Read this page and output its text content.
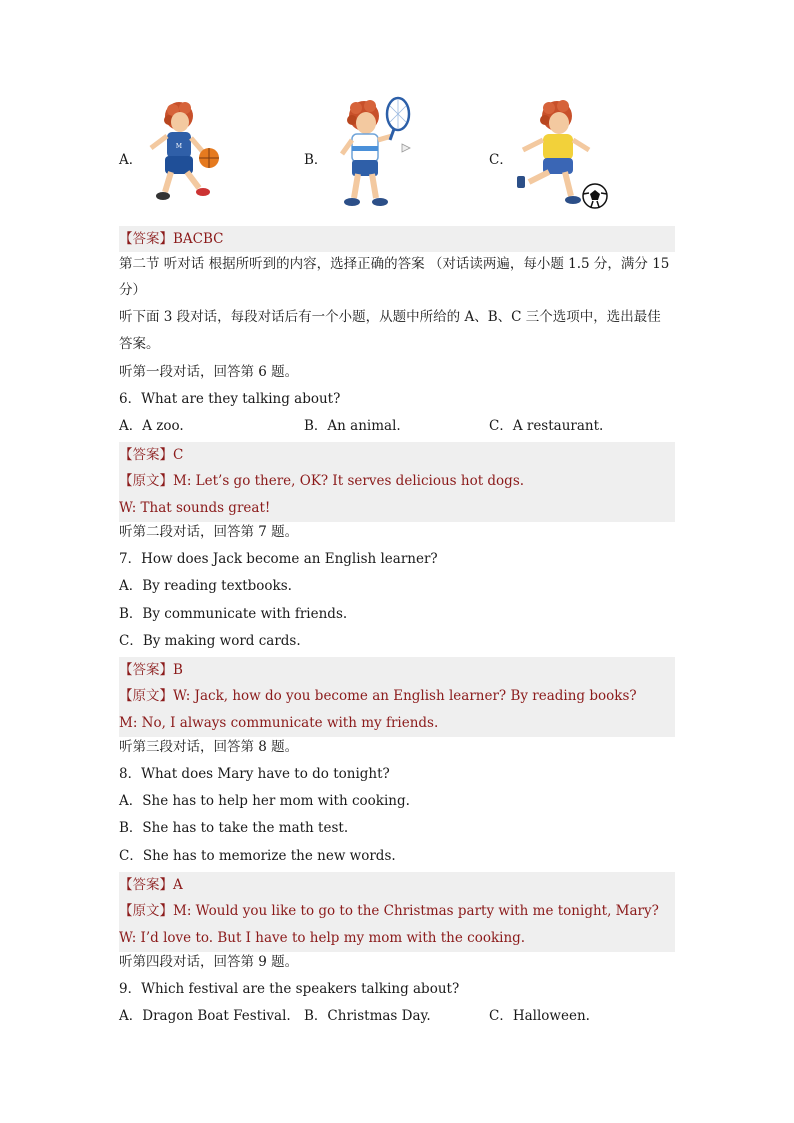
A．
M
B．	C．
【答案】BACBC
第二节 听对话 根据所听到的内容，选择正确的答案 （对话读两遍，每小题 1.5 分，满分 15
分）
听下面 3 段对话，每段对话后有一个小题，从题中所给的 A、B、C 三个选项中，选出最佳
答案。
听第一段对话，回答第 6 题。
6．What are they talking about?
A．A zoo.	B．An animal.	C．A restaurant.
【答案】C
【原文】M: Let’s go there, OK? It serves delicious hot dogs.
W: That sounds great!
听第二段对话，回答第 7 题。
7．How does Jack become an English learner?
A．By reading textbooks.
B．By communicate with friends.
C．By making word cards.
【答案】B
【原文】W: Jack, how do you become an English learner? By reading books?
M: No, I always communicate with my friends.
听第三段对话，回答第 8 题。
8．What does Mary have to do tonight?
A．She has to help her mom with cooking.
B．She has to take the math test.
C．She has to memorize the new words.
【答案】A
【原文】M: Would you like to go to the Christmas party with me tonight, Mary?
W: I’d love to. But I have to help my mom with the cooking.
听第四段对话，回答第 9 题。
9．Which festival are the speakers talking about?
A．Dragon Boat Festival. B．Christmas Day.	C．Halloween.
